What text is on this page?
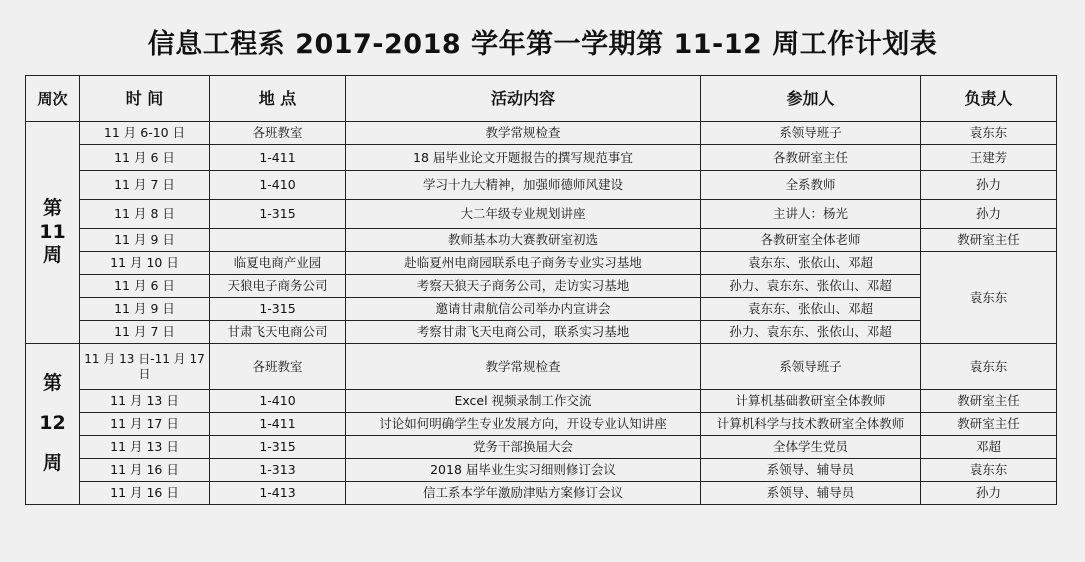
信息工程系 2017-2018 学年第一学期第 11-12 周工作计划表
周次	时 间	地 点	活动内容	参加人	负责人

第
11
周	11 月 6-10 日	各班教室	教学常规检查	系领导班子	袁东东
	11 月 6 日	1-411	18 届毕业论文开题报告的撰写规范事宜	各教研室主任	王建芳
	11 月 7 日	1-410	学习十九大精神，加强师德师风建设	全系教师	孙力
	11 月 8 日	1-315	大二年级专业规划讲座	主讲人：杨光	孙力
	11 月 9 日		教师基本功大赛教研室初选	各教研室全体老师	教研室主任
	11 月 10 日	临夏电商产业园	赴临夏州电商园联系电子商务专业实习基地	袁东东、张依山、邓超	袁东东
	11 月 6 日	天狼电子商务公司	考察天狼天子商务公司，走访实习基地	孙力、袁东东、张依山、邓超	
	11 月 9 日	1-315	邀请甘肃航信公司举办内宣讲会	袁东东、张依山、邓超	
	11 月 7 日	甘肃飞天电商公司	考察甘肃飞天电商公司，联系实习基地	孙力、袁东东、张依山、邓超	

第
12
周	11 月 13 日-11 月 17 日	各班教室	教学常规检查	系领导班子	袁东东
	11 月 13 日	1-410	Excel 视频录制工作交流	计算机基础教研室全体教师	教研室主任
	11 月 17 日	1-411	讨论如何明确学生专业发展方向，开设专业认知讲座	计算机科学与技术教研室全体教师	教研室主任
	11 月 13 日	1-315	党务干部换届大会	全体学生党员	邓超
	11 月 16 日	1-313	2018 届毕业生实习细则修订会议	系领导、辅导员	袁东东
	11 月 16 日	1-413	信工系本学年激励津贴方案修订会议	系领导、辅导员	孙力
